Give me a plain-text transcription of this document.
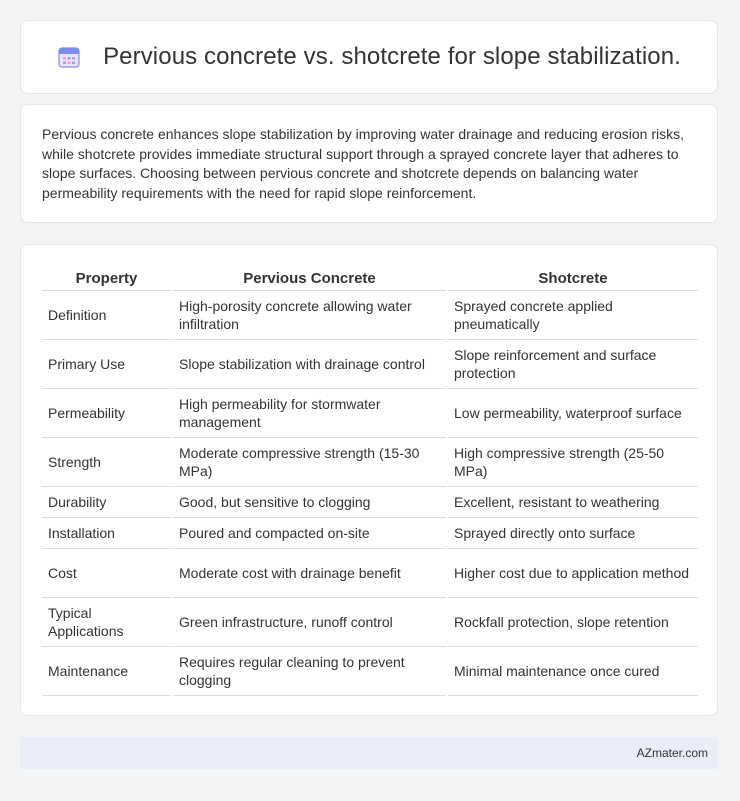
Pervious concrete vs. shotcrete for slope stabilization.

Pervious concrete enhances slope stabilization by improving water drainage and reducing erosion risks, while shotcrete provides immediate structural support through a sprayed concrete layer that adheres to slope surfaces. Choosing between pervious concrete and shotcrete depends on balancing water permeability requirements with the need for rapid slope reinforcement.

Property	Pervious Concrete	Shotcrete
Definition	High-porosity concrete allowing water infiltration	Sprayed concrete applied pneumatically
Primary Use	Slope stabilization with drainage control	Slope reinforcement and surface protection
Permeability	High permeability for stormwater management	Low permeability, waterproof surface
Strength	Moderate compressive strength (15-30 MPa)	High compressive strength (25-50 MPa)
Durability	Good, but sensitive to clogging	Excellent, resistant to weathering
Installation	Poured and compacted on-site	Sprayed directly onto surface
Cost	Moderate cost with drainage benefit	Higher cost due to application method
Typical Applications	Green infrastructure, runoff control	Rockfall protection, slope retention
Maintenance	Requires regular cleaning to prevent clogging	Minimal maintenance once cured
AZmater.com
